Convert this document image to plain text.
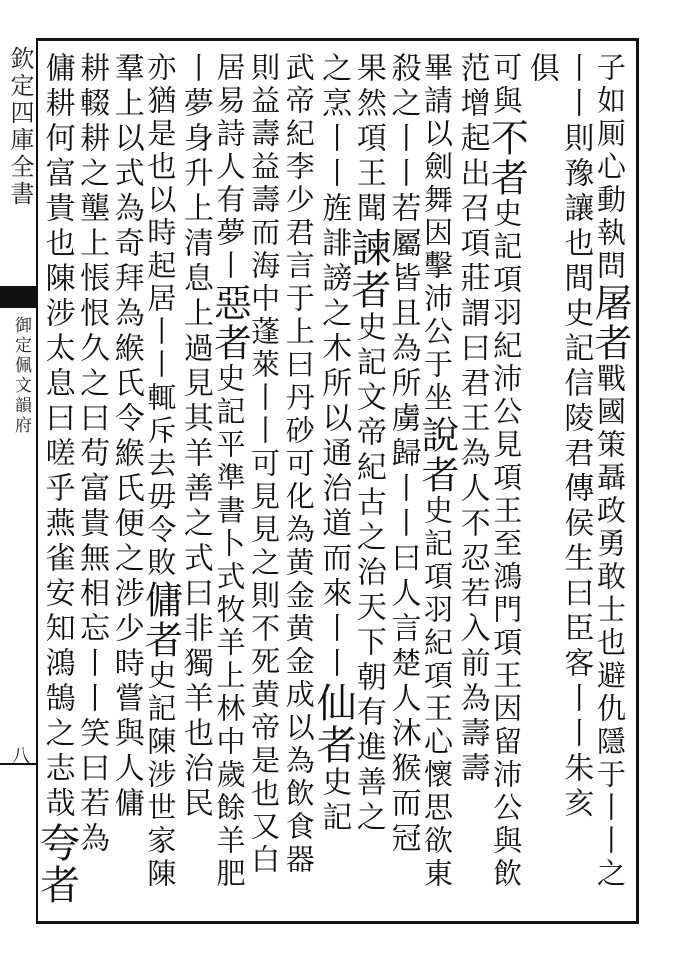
欽定四庫全書
御定佩文韻府
八
子如厠心動執問屠者戰國策聶政勇敢士也避仇隱于丨丨之
丨丨則豫讓也間史記信陵君傳侯生曰臣客丨丨朱亥
俱
可與不者史記項羽紀沛公見項王至鴻門項王因留沛公與飲
范增起出召項莊謂曰君王為人不忍若入前為壽壽
畢請以劍舞因擊沛公于坐說者史記項羽紀項王心懷思欲東
殺之丨丨若屬皆且為所虜歸丨丨曰人言楚人沐猴而冠
果然項王聞諫者史記文帝紀古之治天下朝有進善之
之烹丨丨旌誹謗之木所以通治道而來丨丨仙者史記
武帝紀李少君言于上曰丹砂可化為黄金黄金成以為飲食器
則益壽益壽而海中蓬萊丨丨可見見之則不死黄帝是也又白
居易詩人有夢丨惡者史記平準書卜式牧羊上林中歲餘羊肥
丨夢身升上清息上過見其羊善之式曰非獨羊也治民
亦猶是也以時起居丨丨輒斥去毋令敗傭者史記陳涉世家陳
羣上以式為奇拜為緱氏令緱氏便之涉少時嘗與人傭
耕輟耕之壟上悵恨久之曰苟富貴無相忘丨丨笑曰若為
傭耕何富貴也陳涉太息曰嗟乎燕雀安知鴻鵠之志哉夸者
